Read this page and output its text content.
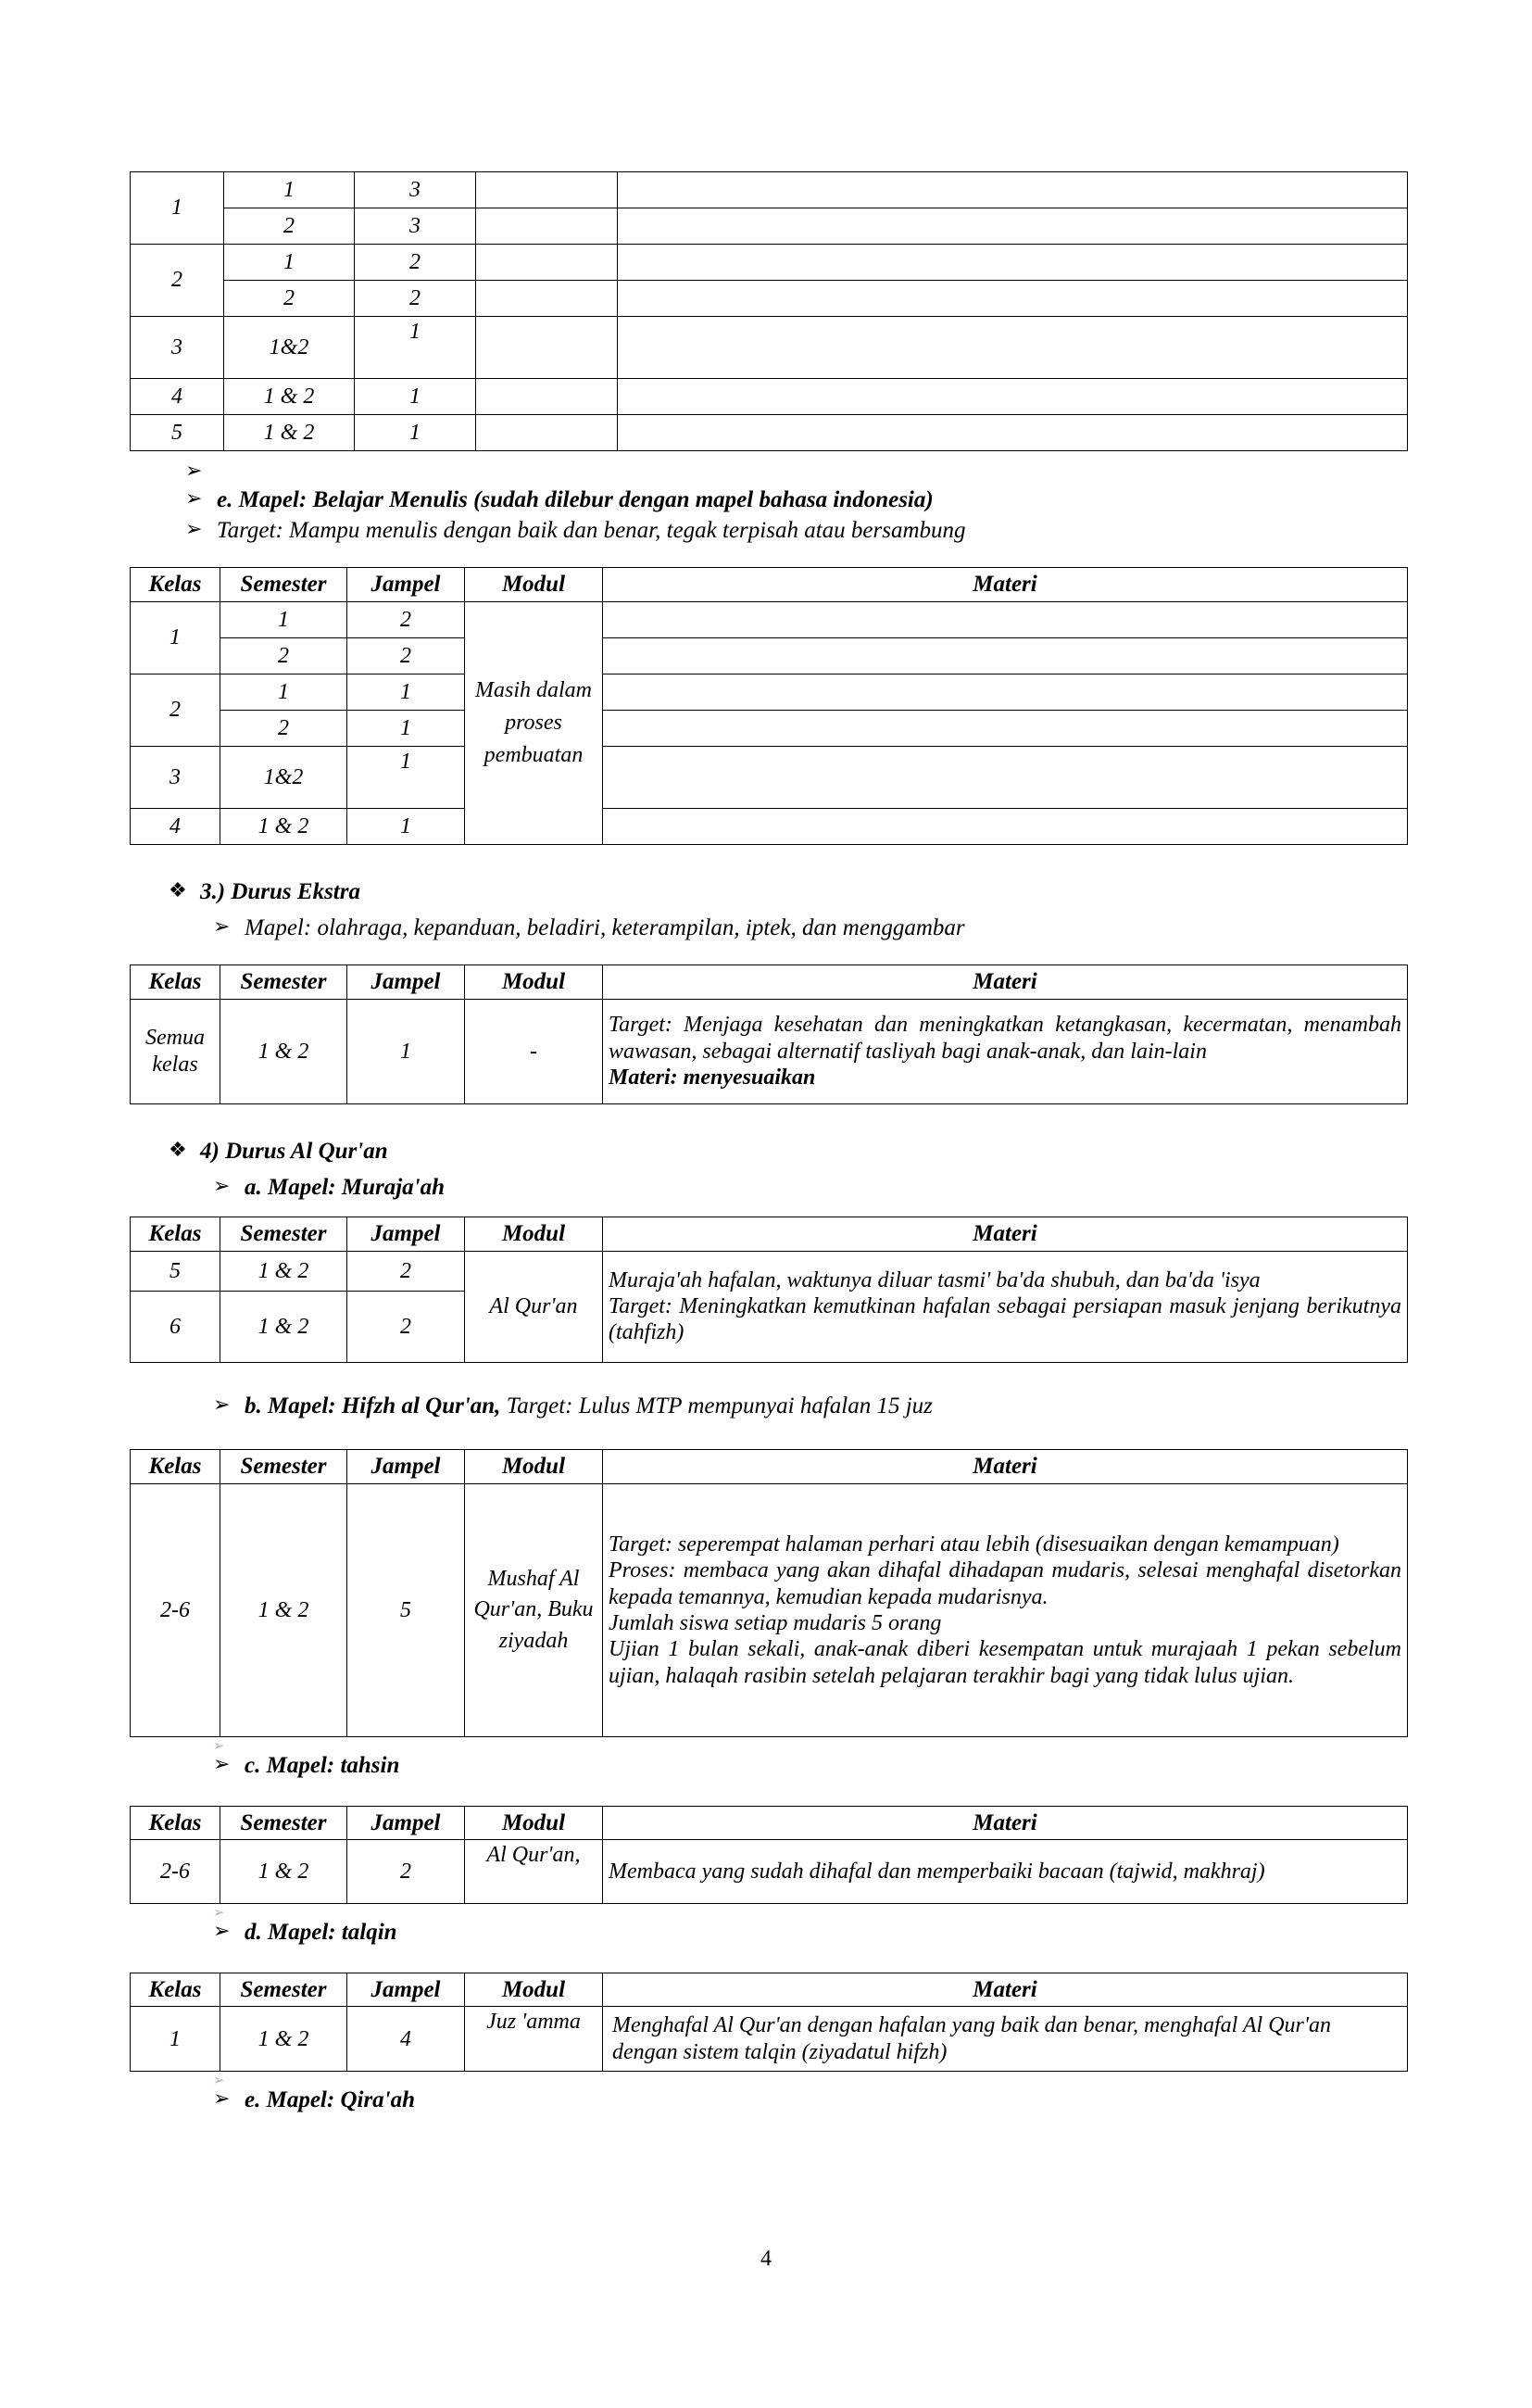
1	1	3		
	2	3		
2	1	2		
	2	2		
3	1&2	1		
4	1 & 2	1		
5	1 & 2	1		
➢
➢ e. Mapel: Belajar Menulis (sudah dilebur dengan mapel bahasa indonesia)
➢ Target: Mampu menulis dengan baik dan benar, tegak terpisah atau bersambung
Kelas	Semester	Jampel	Modul	Materi
1	1	2	Masih dalam proses pembuatan	
	2	2		
2	1	1		
	2	1		
3	1&2	1		
4	1 & 2	1		
❖ 3.) Durus Ekstra
➢ Mapel: olahraga, kepanduan, beladiri, keterampilan, iptek, dan menggambar
Kelas	Semester	Jampel	Modul	Materi
Semua kelas	1 & 2	1	-	Target: Menjaga kesehatan dan meningkatkan ketangkasan, kecermatan, menambah wawasan, sebagai alternatif tasliyah bagi anak-anak, dan lain-lain
Materi: menyesuaikan
❖ 4) Durus Al Qur'an
➢ a. Mapel: Muraja'ah
Kelas	Semester	Jampel	Modul	Materi
5	1 & 2	2	Al Qur'an	Muraja'ah hafalan, waktunya diluar tasmi' ba'da shubuh, dan ba'da 'isya
Target: Meningkatkan kemutkinan hafalan sebagai persiapan masuk jenjang berikutnya (tahfizh)

6	1 & 2	2		
➢ b. Mapel: Hifzh al Qur'an, Target: Lulus MTP mempunyai hafalan 15 juz
Kelas	Semester	Jampel	Modul	Materi
2-6	1 & 2	5	Mushaf Al Qur'an, Buku ziyadah	Target: seperempat halaman perhari atau lebih (disesuaikan dengan kemampuan)
Proses: membaca yang akan dihafal dihadapan mudaris, selesai menghafal disetorkan kepada temannya, kemudian kepada mudarisnya.
Jumlah siswa setiap mudaris 5 orang
Ujian 1 bulan sekali, anak-anak diberi kesempatan untuk murajaah 1 pekan sebelum ujian, halaqah rasibin setelah pelajaran terakhir bagi yang tidak lulus ujian.
➢
➢ c. Mapel: tahsin
Kelas	Semester	Jampel	Modul	Materi
2-6	1 & 2	2	Al Qur'an,	Membaca yang sudah dihafal dan memperbaiki bacaan (tajwid, makhraj)
➢
➢ d. Mapel: talqin
Kelas	Semester	Jampel	Modul	Materi
1	1 & 2	4	Juz 'amma	Menghafal Al Qur'an dengan hafalan yang baik dan benar, menghafal Al Qur'an dengan sistem talqin (ziyadatul hifzh)
➢
➢ e. Mapel: Qira'ah
4
